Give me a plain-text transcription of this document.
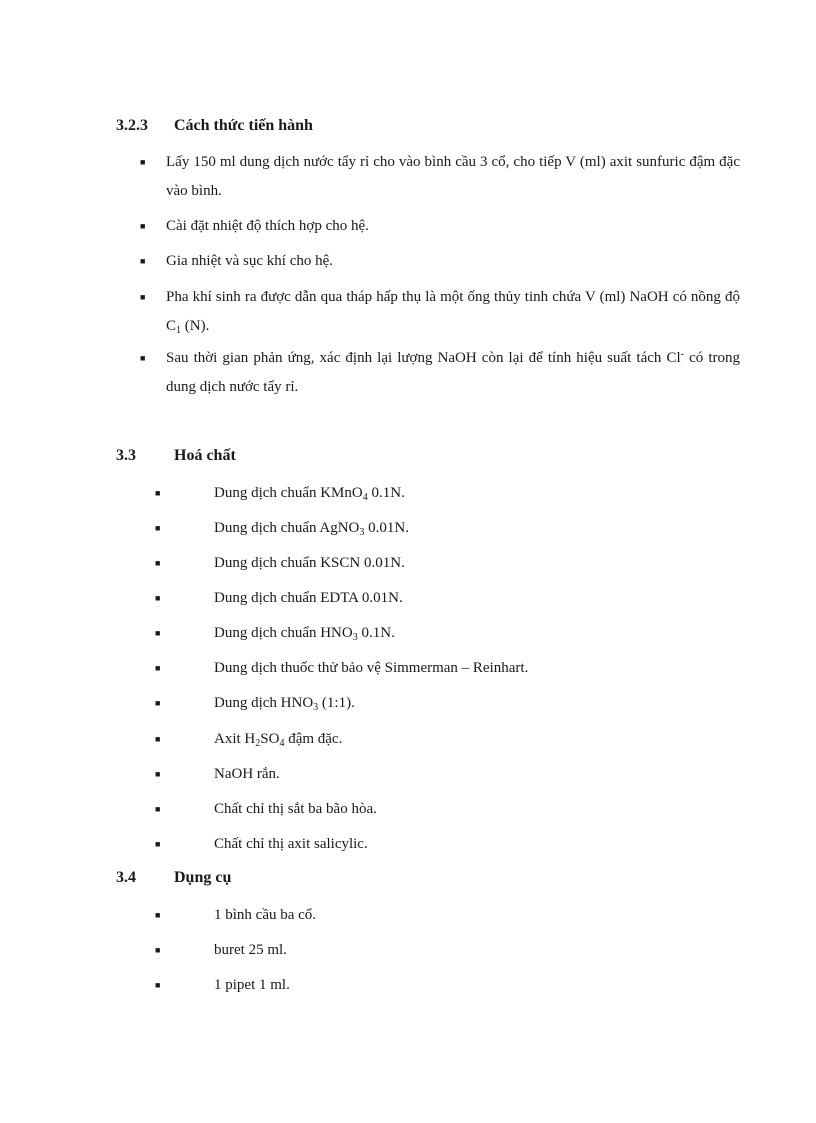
3.2.3 Cách thức tiến hành
■ Lấy 150 ml dung dịch nước tẩy rỉ cho vào bình cầu 3 cổ, cho tiếp V (ml) axit sunfuric đậm đặc vào bình.
■ Cài đặt nhiệt độ thích hợp cho hệ.
■ Gia nhiệt và sục khí cho hệ.
■ Pha khí sinh ra được dẫn qua tháp hấp thụ là một ống thủy tinh chứa V (ml) NaOH có nồng độ $C_1$ (N).
■ Sau thời gian phản ứng, xác định lại lượng NaOH còn lại để tính hiệu suất tách Cl- có trong dung dịch nước tẩy rỉ.
3.3 Hoá chất
■	Dung dịch chuẩn KMnO$_4$ 0.1N.
■	Dung dịch chuẩn AgNO$_3$ 0.01N.
■	Dung dịch chuẩn KSCN 0.01N.
■	Dung dịch chuẩn EDTA 0.01N.
■	Dung dịch chuẩn $HNO_3$ 0.1N.
■	Dung dịch thuốc thử bảo vệ Simmerman – Reinhart.
■	Dung dịch $HNO_3$ (1:1).
■	Axit $H_2SO_4$ đậm đặc.
■	NaOH rắn.
■	Chất chỉ thị sắt ba bão hòa.
■	Chất chỉ thị axit salicylic.
3.4 Dụng cụ
■	1 bình cầu ba cổ.
■	buret 25 ml.
■	1 pipet 1 ml.
